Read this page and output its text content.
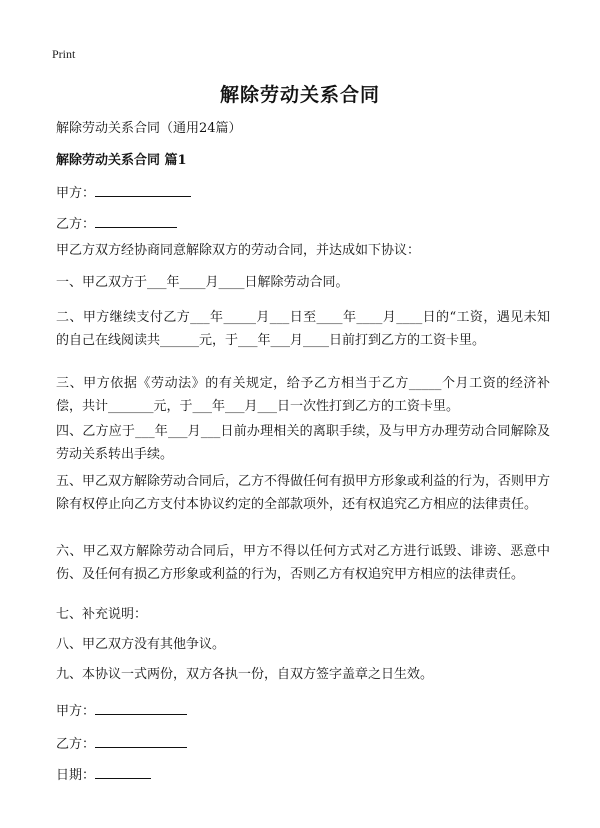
Print
解除劳动关系合同
解除劳动关系合同（通用24篇）
解除劳动关系合同 篇1
甲方：
乙方：
甲乙方双方经协商同意解除双方的劳动合同，并达成如下协议：
一、甲乙双方于___年____月____日解除劳动合同。
二、甲方继续支付乙方___年_____月___日至____年____月____日的“工资，遇见未知的自己在线阅读共______元，于___年___月____日前打到乙方的工资卡里。
三、甲方依据《劳动法》的有关规定，给予乙方相当于乙方_____个月工资的经济补偿，共计_______元，于___年___月___日一次性打到乙方的工资卡里。
四、乙方应于___年___月___日前办理相关的离职手续，及与甲方办理劳动合同解除及劳动关系转出手续。
五、甲乙双方解除劳动合同后，乙方不得做任何有损甲方形象或利益的行为，否则甲方除有权停止向乙方支付本协议约定的全部款项外，还有权追究乙方相应的法律责任。
六、甲乙双方解除劳动合同后，甲方不得以任何方式对乙方进行诋毁、诽谤、恶意中伤、及任何有损乙方形象或利益的行为，否则乙方有权追究甲方相应的法律责任。
七、补充说明：
八、甲乙双方没有其他争议。
九、本协议一式两份，双方各执一份，自双方签字盖章之日生效。
甲方：
乙方：
日期：
